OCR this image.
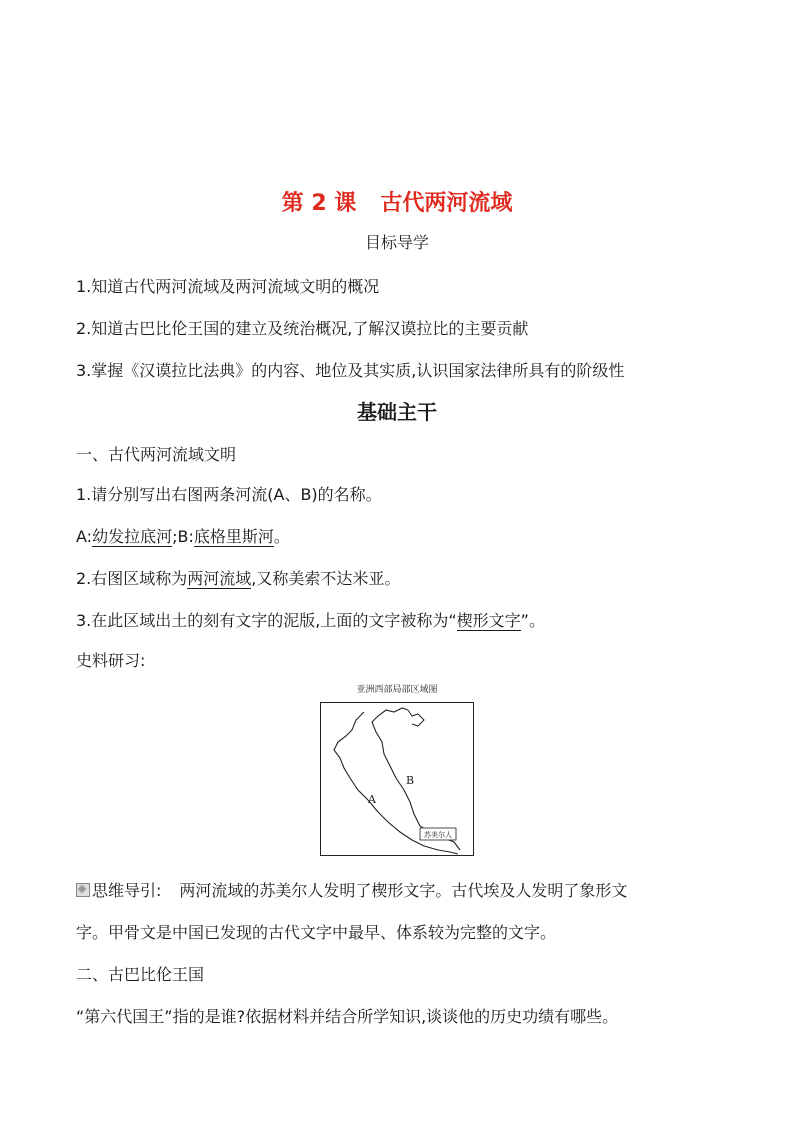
第 2 课 古代两河流域
目标导学
1.知道古代两河流域及两河流域文明的概况
2.知道古巴比伦王国的建立及统治概况,了解汉谟拉比的主要贡献
3.掌握《汉谟拉比法典》的内容、地位及其实质,认识国家法律所具有的阶级性
基础主干
一、古代两河流域文明
1.请分别写出右图两条河流(A、B)的名称。
A:幼发拉底河;B:底格里斯河。
2.右图区域称为两河流域,又称美索不达米亚。
3.在此区域出土的刻有文字的泥版,上面的文字被称为“楔形文字”。
史料研习:
亚洲西部局部区域图
A
B
苏美尔人
思维导引: 两河流域的苏美尔人发明了楔形文字。古代埃及人发明了象形文
字。甲骨文是中国已发现的古代文字中最早、体系较为完整的文字。
二、古巴比伦王国
“第六代国王”指的是谁?依据材料并结合所学知识,谈谈他的历史功绩有哪些。
